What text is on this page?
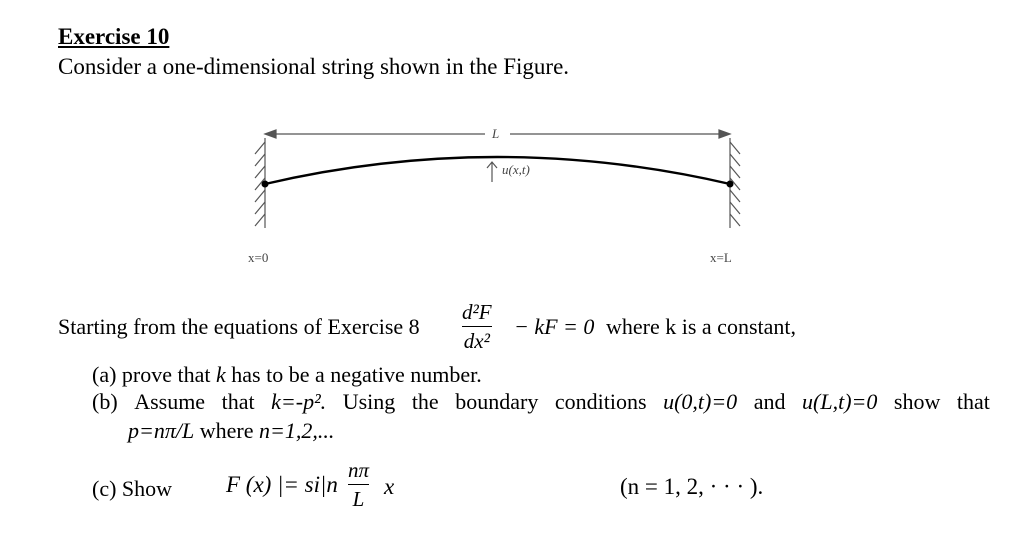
Exercise 10
Consider a one-dimensional string shown in the Figure.
L
u(x,t)
x=0	x=L
Starting from the equations of Exercise 8
d²F
dx²
− kF = 0 where k is a constant,
(a) prove that k has to be a negative number.
(b) Assume that k=-p². Using the boundary conditions u(0,t)=0 and u(L,t)=0 show that
p=nπ/L where n=1,2,...
(c) Show F (x) |= si|n
nπ
L x	(n = 1, 2, · · · ).
